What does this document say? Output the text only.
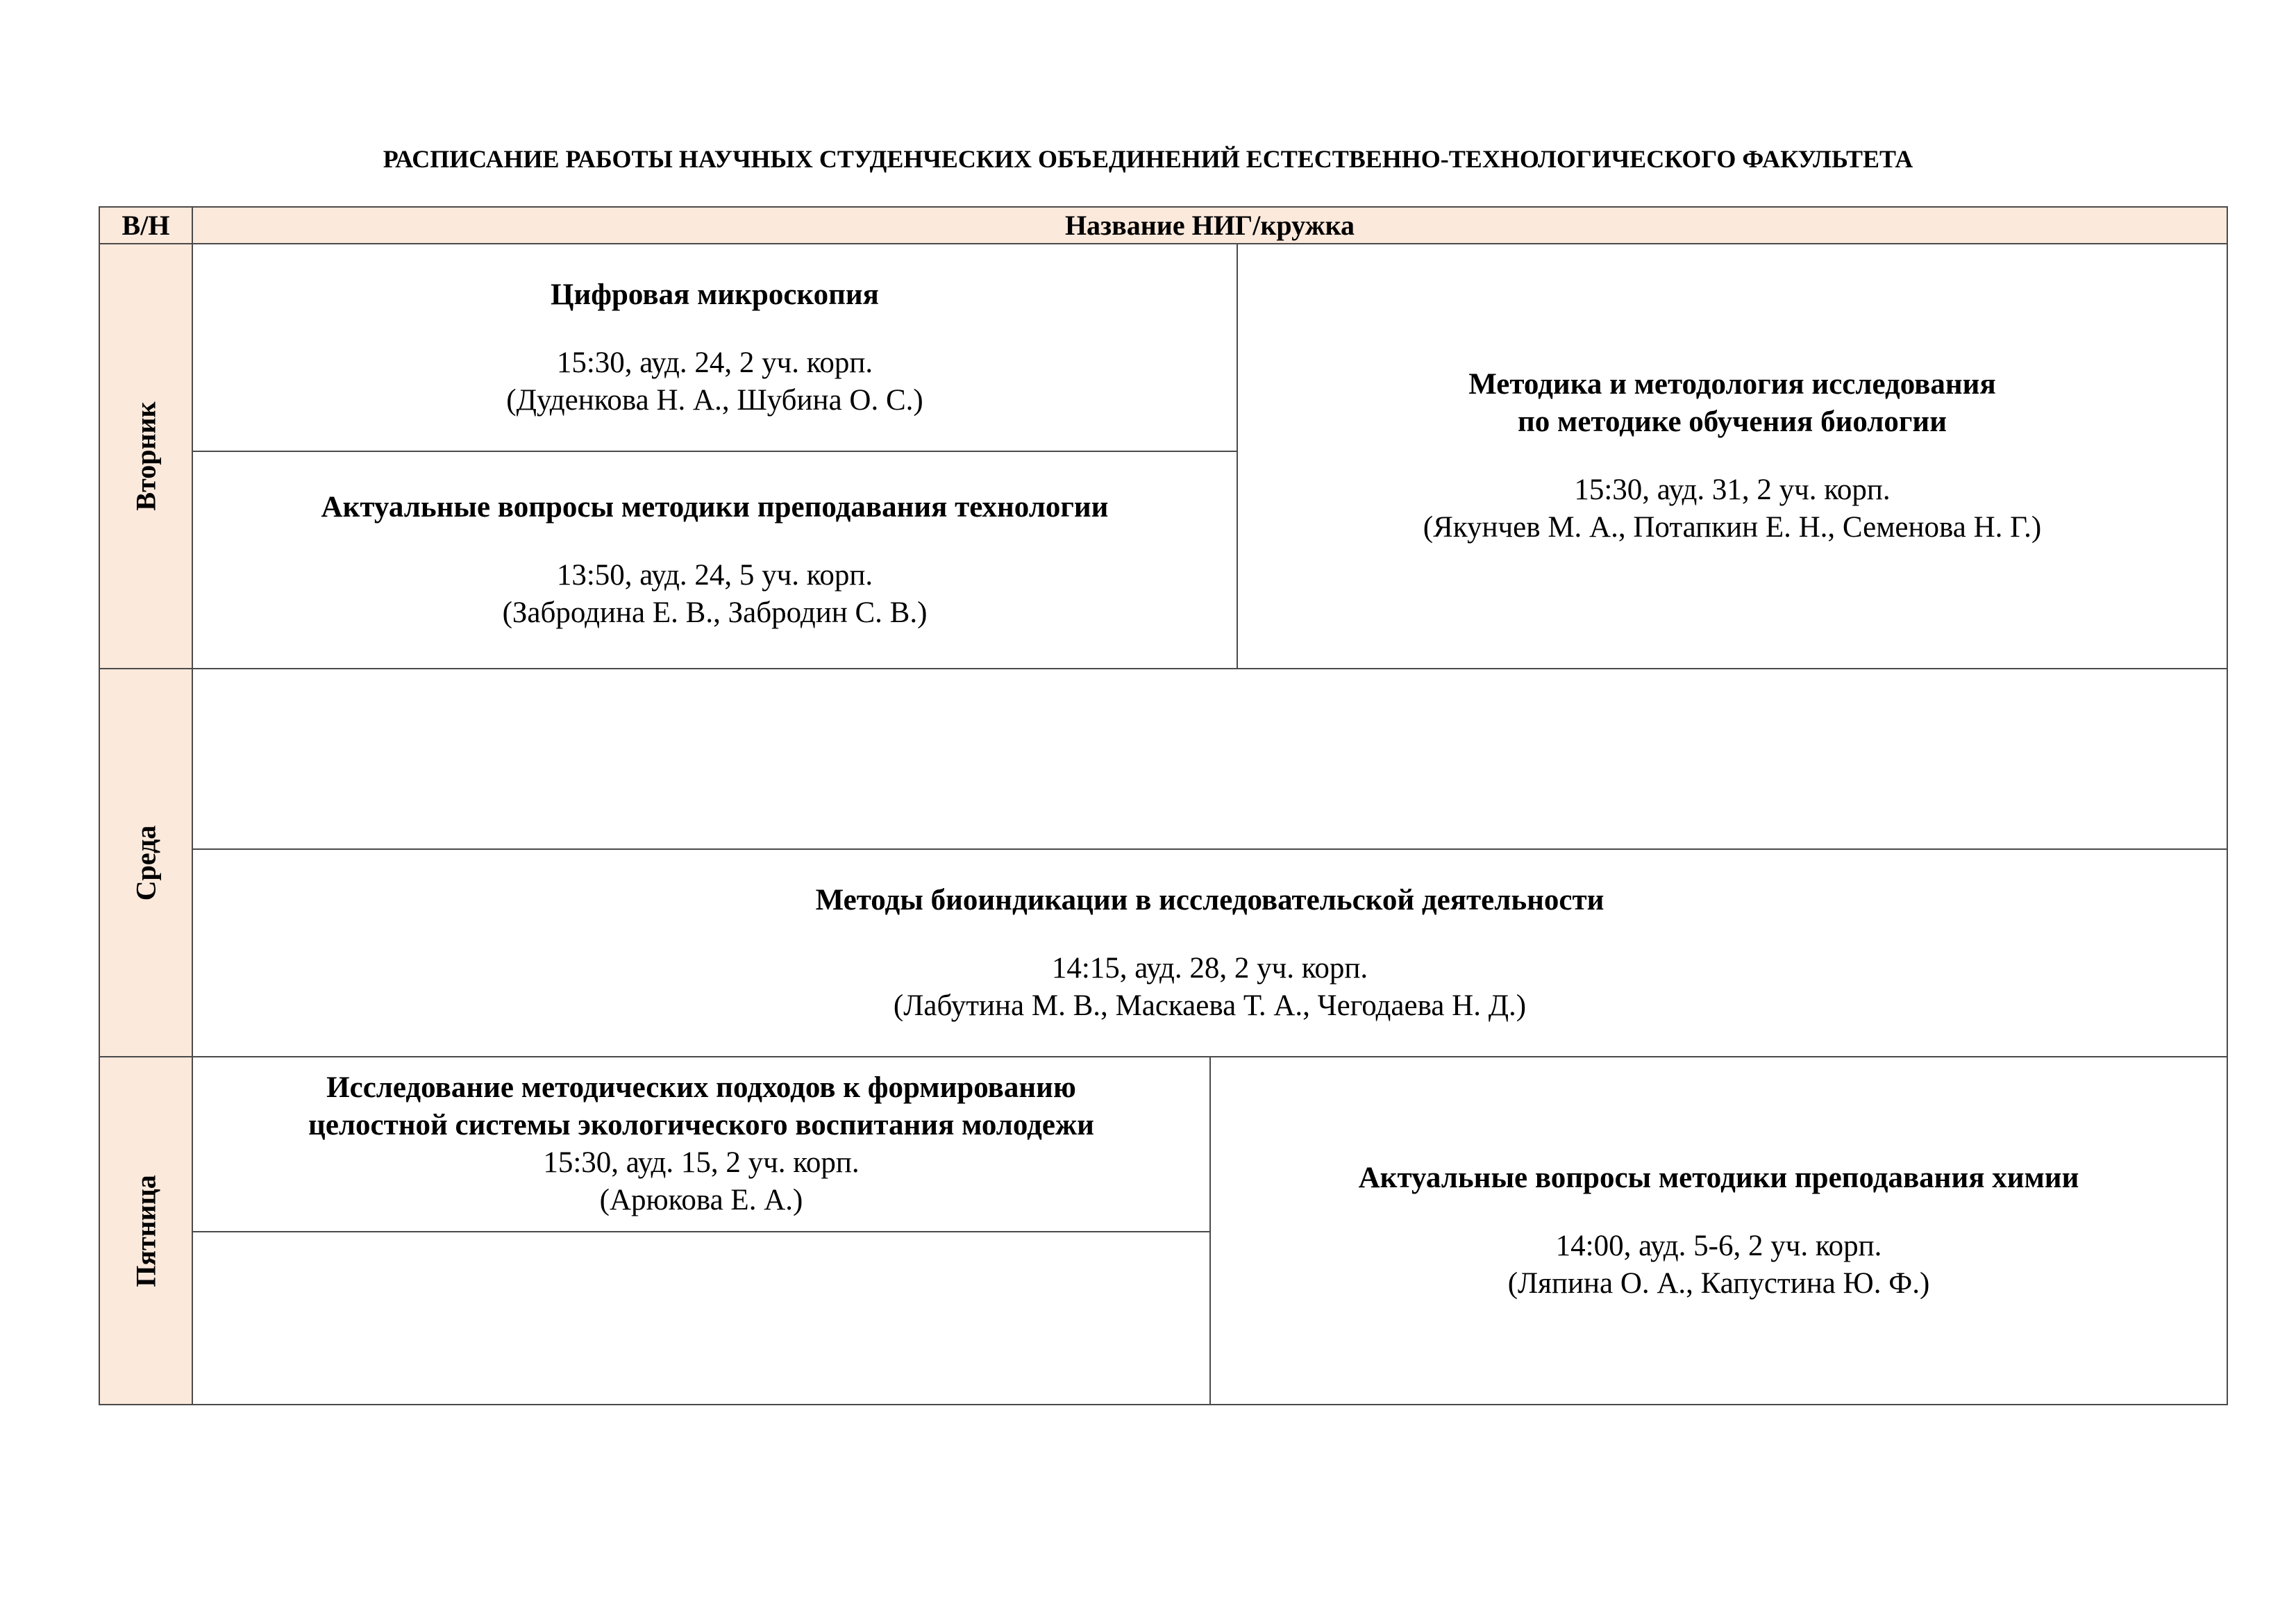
РАСПИСАНИЕ РАБОТЫ НАУЧНЫХ СТУДЕНЧЕСКИХ ОБЪЕДИНЕНИЙ ЕСТЕСТВЕННО-ТЕХНОЛОГИЧЕСКОГО ФАКУЛЬТЕТА
В/Н	Название НИГ/кружка
Вторник
Среда
Пятница
Цифровая микроскопия
15:30, ауд. 24, 2 уч. корп.
(Дуденкова Н. А., Шубина О. С.)
Актуальные вопросы методики преподавания технологии
13:50, ауд. 24, 5 уч. корп.
(Забродина Е. В., Забродин С. В.)
Методика и методология исследования
по методике обучения биологии
15:30, ауд. 31, 2 уч. корп.
(Якунчев М. А., Потапкин Е. Н., Семенова Н. Г.)
Методы биоиндикации в исследовательской деятельности
14:15, ауд. 28, 2 уч. корп.
(Лабутина М. В., Маскаева Т. А., Чегодаева Н. Д.)
Исследование методических подходов к формированию
целостной системы экологического воспитания молодежи
15:30, ауд. 15, 2 уч. корп.
(Арюкова Е. А.)
Актуальные вопросы методики преподавания химии
14:00, ауд. 5-6, 2 уч. корп.
(Ляпина О. А., Капустина Ю. Ф.)
